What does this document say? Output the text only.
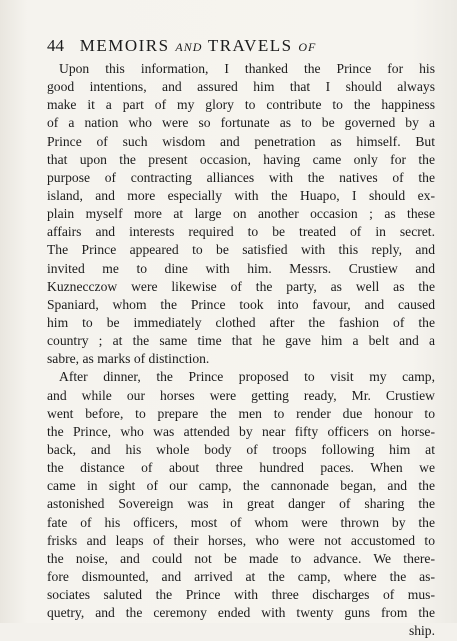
44 MEMOIRS AND TRAVELS OF
Upon this information, I thanked the Prince for his
good intentions, and assured him that I should always
make it a part of my glory to contribute to the happiness
of a nation who were so fortunate as to be governed by a
Prince of such wisdom and penetration as himself. But
that upon the present occasion, having came only for the
purpose of contracting alliances with the natives of the
island, and more especially with the Huapo, I should ex-
plain myself more at large on another occasion ; as these
affairs and interests required to be treated of in secret.
The Prince appeared to be satisfied with this reply, and
invited me to dine with him. Messrs. Crustiew and
Kuznecczow were likewise of the party, as well as the
Spaniard, whom the Prince took into favour, and caused
him to be immediately clothed after the fashion of the
country ; at the same time that he gave him a belt and a
sabre, as marks of distinction.
After dinner, the Prince proposed to visit my camp,
and while our horses were getting ready, Mr. Crustiew
went before, to prepare the men to render due honour to
the Prince, who was attended by near fifty officers on horse-
back, and his whole body of troops following him at
the distance of about three hundred paces. When we
came in sight of our camp, the cannonade began, and the
astonished Sovereign was in great danger of sharing the
fate of his officers, most of whom were thrown by the
frisks and leaps of their horses, who were not accustomed to
the noise, and could not be made to advance. We there-
fore dismounted, and arrived at the camp, where the as-
sociates saluted the Prince with three discharges of mus-
quetry, and the ceremony ended with twenty guns from the
ship.
